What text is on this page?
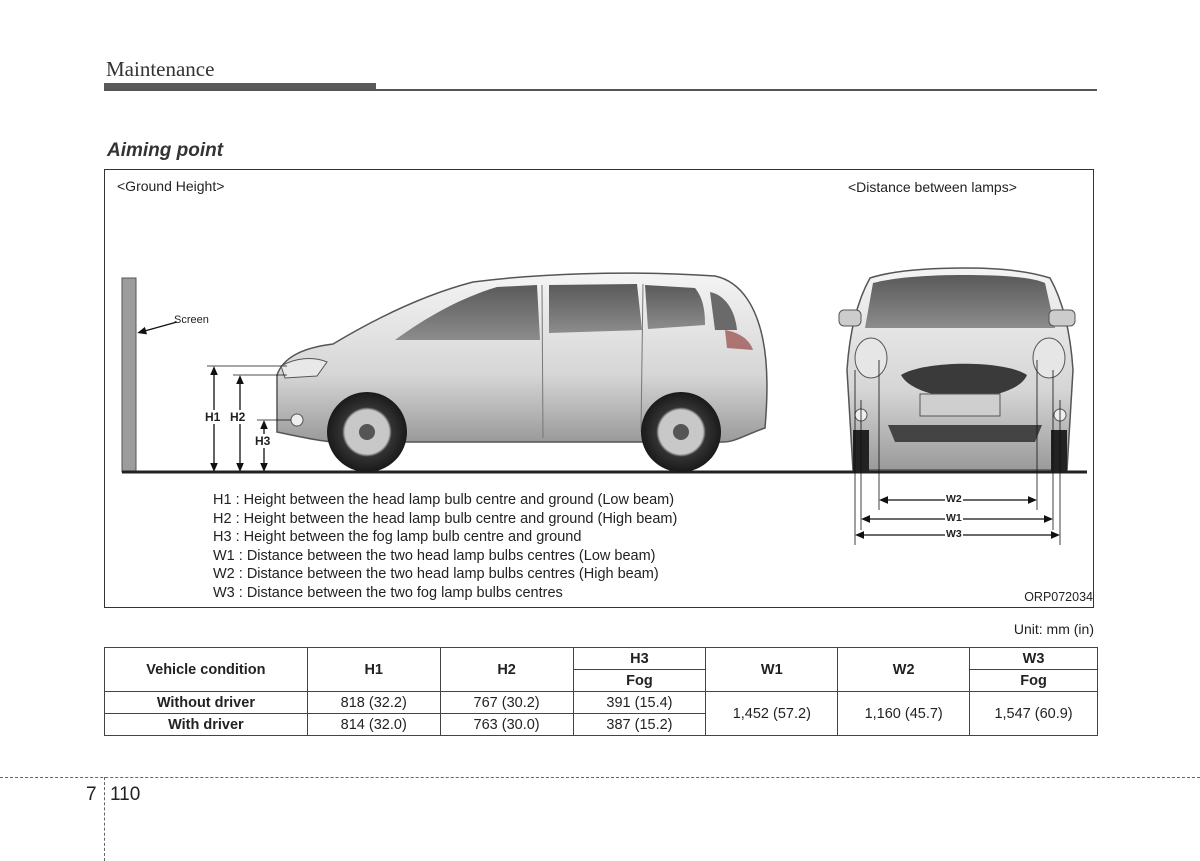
Maintenance
Aiming point
<Ground Height>	<Distance between lamps>
Screen
H1 H2
H3
W2
W1
W3
H1 : Height between the head lamp bulb centre and ground (Low beam)
H2 : Height between the head lamp bulb centre and ground (High beam)
H3 : Height between the fog lamp bulb centre and ground
W1 : Distance between the two head lamp bulbs centres (Low beam)
W2 : Distance between the two head lamp bulbs centres (High beam)
W3 : Distance between the two fog lamp bulbs centres	ORP072034
Unit: mm (in)
Vehicle condition	H1	H2	H3	W1	W2	W3
			Fog			Fog
Without driver	818 (32.2)	767 (30.2)	391 (15.4)	1,452 (57.2)	1,160 (45.7)	1,547 (60.9)
With driver	814 (32.0)	763 (30.0)	387 (15.2)			
7 110
